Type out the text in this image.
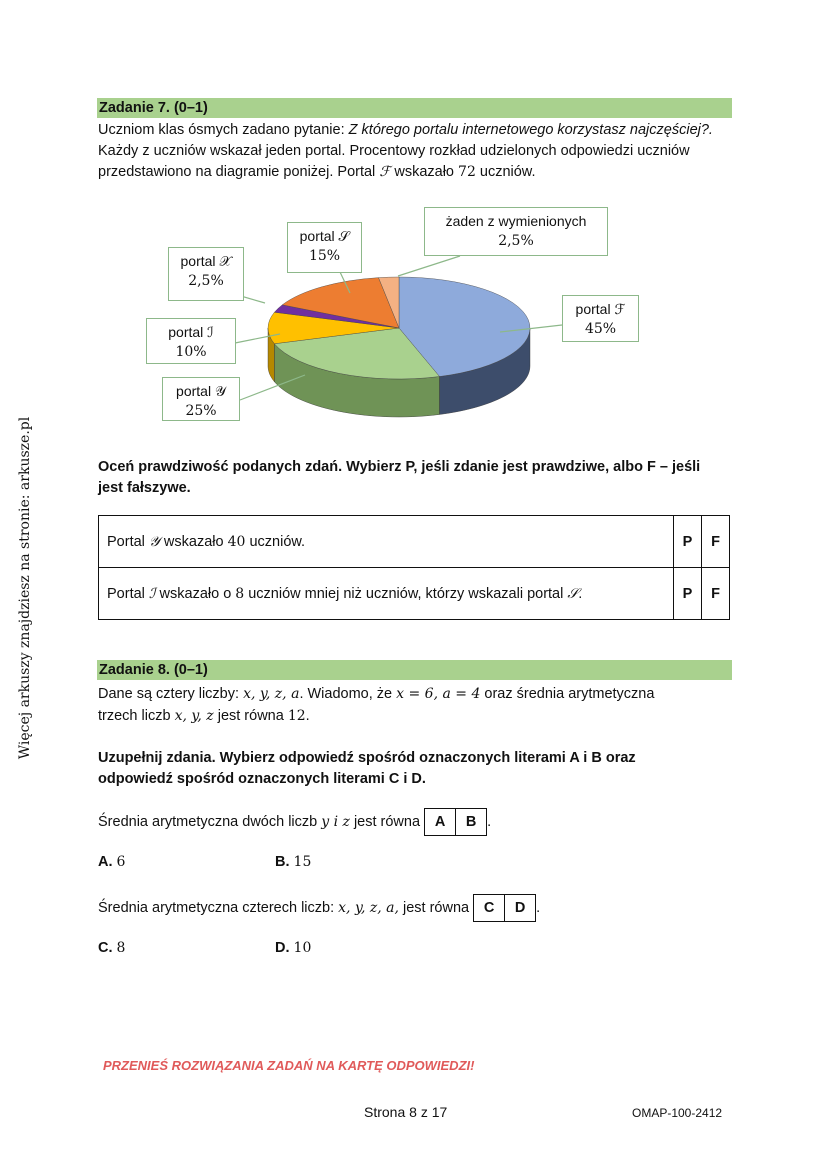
Więcej arkuszy znajdziesz na stronie: arkusze.pl
Zadanie 7. (0–1)
Uczniom klas ósmych zadano pytanie: Z którego portalu internetowego korzystasz najczęściej?.
Każdy z uczniów wskazał jeden portal. Procentowy rozkład udzielonych odpowiedzi uczniów
przedstawiono na diagramie poniżej. Portal ℱ wskazało 72 uczniów.
portal 𝒳
2,5%
portal 𝒮
15%
żaden z wymienionych
2,5%
portal ℱ
45%
portal ℐ
10%
portal 𝒴
25%
Oceń prawdziwość podanych zdań. Wybierz P, jeśli zdanie jest prawdziwe, albo F – jeśli jest fałszywe.
Portal 𝒴 wskazało 40 uczniów.	P	F
Portal ℐ wskazało o 8 uczniów mniej niż uczniów, którzy wskazali portal 𝒮.	P	F
Zadanie 8. (0–1)
Dane są cztery liczby: x, y, z, a. Wiadomo, że x = 6, a = 4 oraz średnia arytmetyczna
trzech liczb x, y, z jest równa 12.
Uzupełnij zdania. Wybierz odpowiedź spośród oznaczonych literami A i B oraz odpowiedź spośród oznaczonych literami C i D.
Średnia arytmetyczna dwóch liczb y i z jest równa A B .
A. 6	B. 15
Średnia arytmetyczna czterech liczb: x, y, z, a, jest równa C D .
C. 8	D. 10
PRZENIEŚ ROZWIĄZANIA ZADAŃ NA KARTĘ ODPOWIEDZI!
Strona 8 z 17	OMAP-100-2412
